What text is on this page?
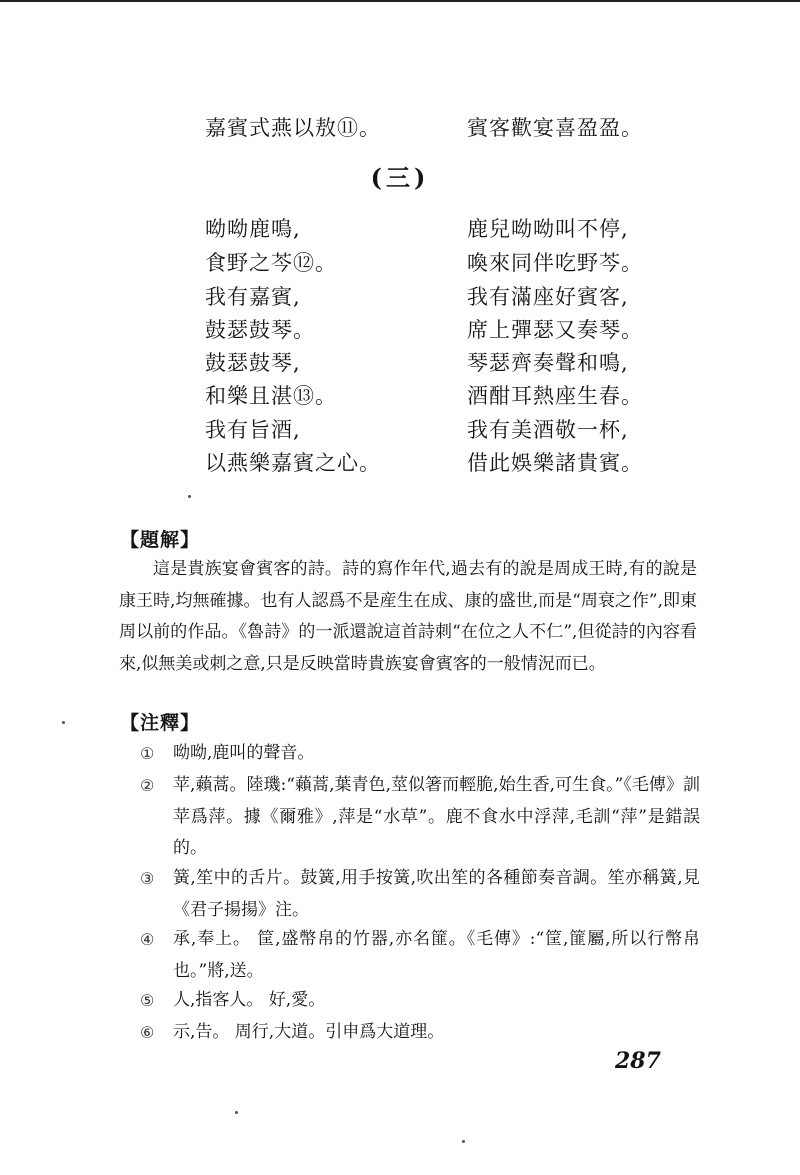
嘉賓式燕以敖⑪。	賓客歡宴喜盈盈。
(三)
呦呦鹿鳴,	鹿兒呦呦叫不停,
食野之芩⑫。	喚來同伴吃野芩。
我有嘉賓,	我有滿座好賓客,
鼓瑟鼓琴。	席上彈瑟又奏琴。
鼓瑟鼓琴,	琴瑟齊奏聲和鳴,
和樂且湛⑬。	酒酣耳熱座生春。
我有旨酒,	我有美酒敬一杯,
以燕樂嘉賓之心。	借此娛樂諸貴賓。
【題解】

這是貴族宴會賓客的詩。詩的寫作年代,過去有的說是周成王時,有的說是康王時,均無確據。也有人認爲不是産生在成、康的盛世,而是“周衰之作”,即東周以前的作品。《魯詩》的一派還說這首詩刺“在位之人不仁”,但從詩的內容看來,似無美或刺之意,只是反映當時貴族宴會賓客的一般情況而已。

【注釋】
①	呦呦,鹿叫的聲音。
②	苹,藾蒿。陸璣:“藾蒿,葉青色,莖似箸而輕脆,始生香,可生食。”《毛傳》訓苹爲萍。據《爾雅》,萍是“水草”。鹿不食水中浮萍,毛訓“萍”是錯誤的。
③	簧,笙中的舌片。鼓簧,用手按簧,吹出笙的各種節奏音調。笙亦稱簧,見《君子揚揚》注。
④	承,奉上。 筐,盛幣帛的竹器,亦名篚。《毛傳》:“筐,篚屬,所以行幣帛也。”將,送。
⑤	人,指客人。 好,愛。
⑥	示,告。 周行,大道。引申爲大道理。
287
